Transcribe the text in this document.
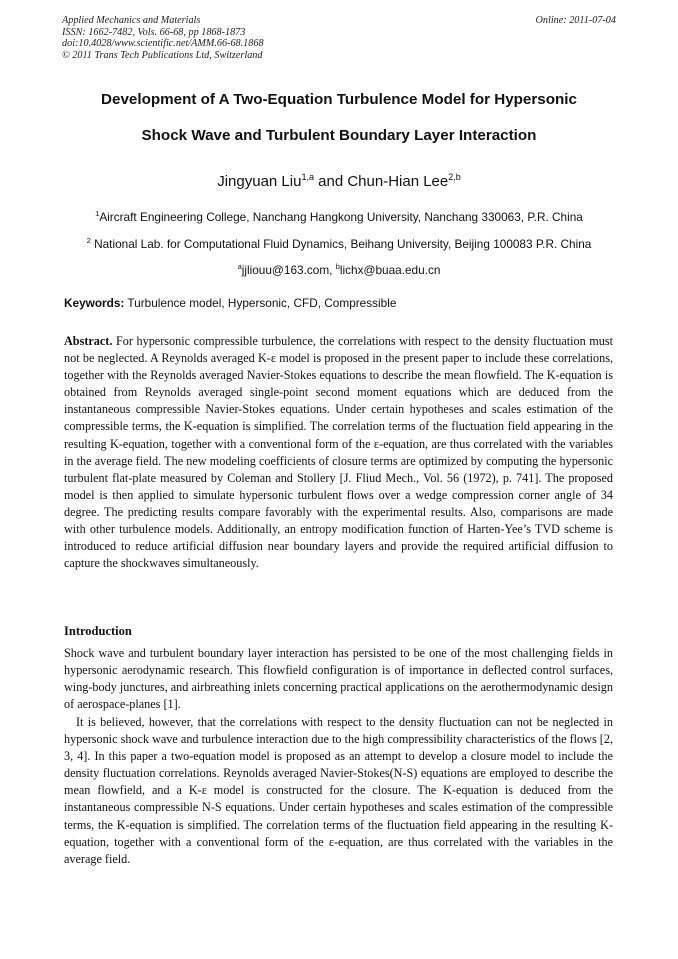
Applied Mechanics and Materials
ISSN: 1662-7482, Vols. 66-68, pp 1868-1873
doi:10.4028/www.scientific.net/AMM.66-68.1868
© 2011 Trans Tech Publications Ltd, Switzerland
Online: 2011-07-04
Development of A Two-Equation Turbulence Model for Hypersonic
Shock Wave and Turbulent Boundary Layer Interaction
Jingyuan Liu$^{1,a}$ and Chun-Hian Lee$^{2,b}$
$^1$Aircraft Engineering College, Nanchang Hangkong University, Nanchang 330063, P.R. China
$^2$ National Lab. for Computational Fluid Dynamics, Beihang University, Beijing 100083 P.R. China
$^a$jjliouu@163.com, $^b$lichx@buaa.edu.cn
Keywords: Turbulence model, Hypersonic, CFD, Compressible
Abstract. For hypersonic compressible turbulence, the correlations with respect to the density fluctuation must not be neglected. A Reynolds averaged K-ε model is proposed in the present paper to include these correlations, together with the Reynolds averaged Navier-Stokes equations to describe the mean flowfield. The K-equation is obtained from Reynolds averaged single-point second moment equations which are deduced from the instantaneous compressible Navier-Stokes equations. Under certain hypotheses and scales estimation of the compressible terms, the K-equation is simplified. The correlation terms of the fluctuation field appearing in the resulting K-equation, together with a conventional form of the ε-equation, are thus correlated with the variables in the average field. The new modeling coefficients of closure terms are optimized by computing the hypersonic turbulent flat-plate measured by Coleman and Stollery [J. Fliud Mech., Vol. 56 (1972), p. 741]. The proposed model is then applied to simulate hypersonic turbulent flows over a wedge compression corner angle of 34 degree. The predicting results compare favorably with the experimental results. Also, comparisons are made with other turbulence models. Additionally, an entropy modification function of Harten-Yee’s TVD scheme is introduced to reduce artificial diffusion near boundary layers and provide the required artificial diffusion to capture the shockwaves simultaneously.
Introduction
Shock wave and turbulent boundary layer interaction has persisted to be one of the most challenging fields in hypersonic aerodynamic research. This flowfield configuration is of importance in deflected control surfaces, wing-body junctures, and airbreathing inlets concerning practical applications on the aerothermodynamic design of aerospace-planes [1].
It is believed, however, that the correlations with respect to the density fluctuation can not be neglected in hypersonic shock wave and turbulence interaction due to the high compressibility characteristics of the flows [2, 3, 4]. In this paper a two-equation model is proposed as an attempt to develop a closure model to include the density fluctuation correlations. Reynolds averaged Navier-Stokes(N-S) equations are employed to describe the mean flowfield, and a K-ε model is constructed for the closure. The K-equation is deduced from the instantaneous compressible N-S equations. Under certain hypotheses and scales estimation of the compressible terms, the K-equation is simplified. The correlation terms of the fluctuation field appearing in the resulting K-equation, together with a conventional form of the ε-equation, are thus correlated with the variables in the average field.
